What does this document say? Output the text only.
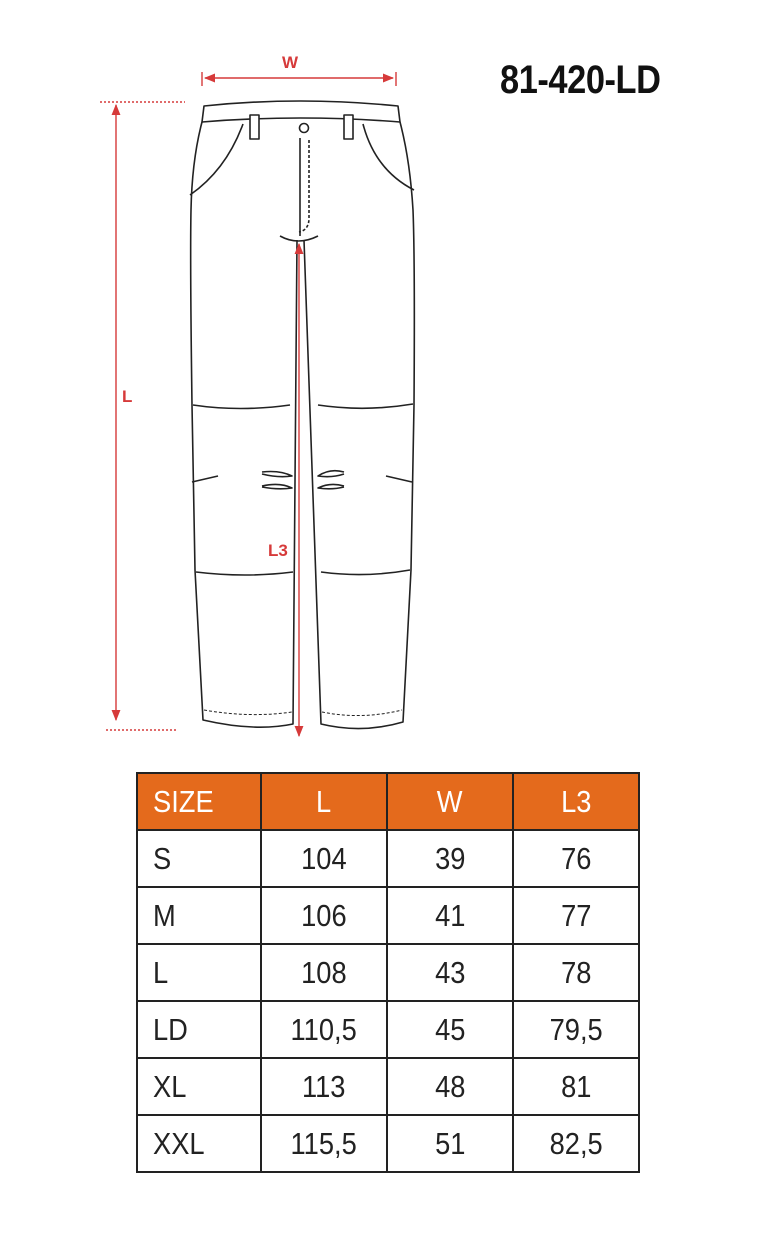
81-420-LD
W
L
L3
SIZE	L	W	L3
S	104	39	76
M	106	41	77
L	108	43	78
LD	110,5	45	79,5
XL	113	48	81
XXL	115,5	51	82,5
